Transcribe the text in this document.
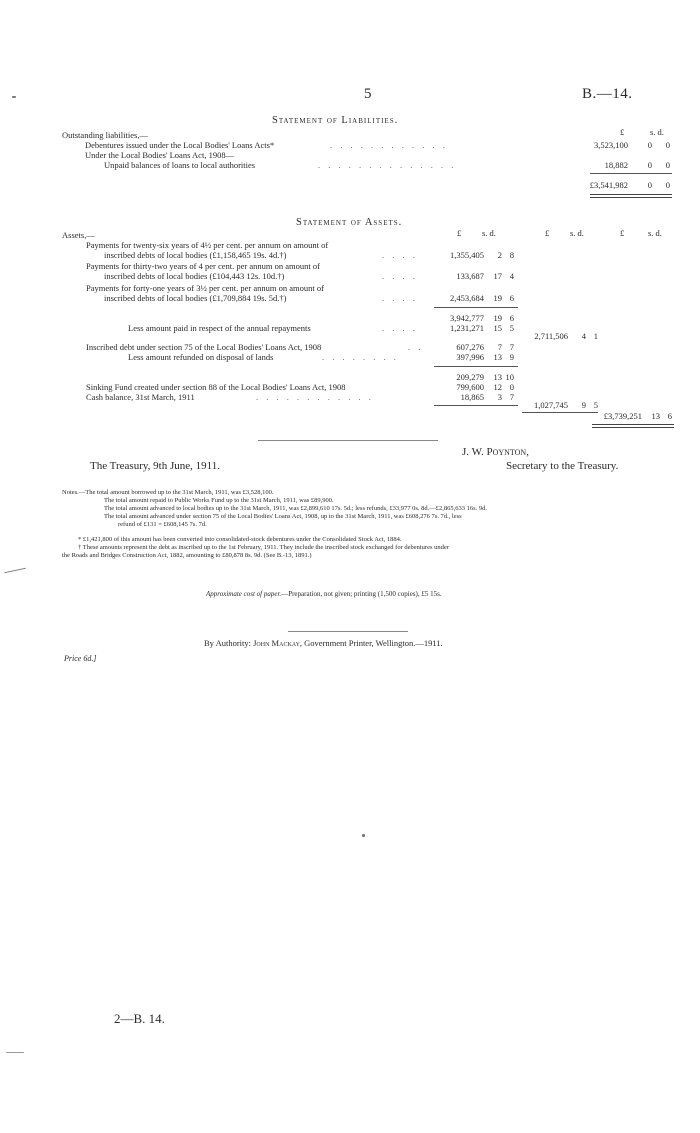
5	B.—14.
Statement of Liabilities.
£	s. d.
Outstanding liabilities,—
Debentures issued under the Local Bodies' Loans Acts*	. . . . . . . . . . . .	3,523,100	0	0
Under the Local Bodies' Loans Act, 1908—
Unpaid balances of loans to local authorities	. . . . . . . . . . . . . .	18,882	0	0
£3,541,982	0	0
Statement of Assets.
£ s. d.	£ s. d.	£	s. d.
Assets,—
Payments for twenty-six years of 4½ per cent. per annum on amount of
inscribed debts of local bodies (£1,158,465 19s. 4d.†)	. . . .	1,355,405	2 8
Payments for thirty-two years of 4 per cent. per annum on amount of
inscribed debts of local bodies (£104,443 12s. 10d.†)	. . . .	133,687	17 4
Payments for forty-one years of 3½ per cent. per annum on amount of
inscribed debts of local bodies (£1,709,884 19s. 5d.†)	. . . .	2,453,684	19 6
3,942,777	19 6
Less amount paid in respect of the annual repayments	. . . .	1,231,271	15 5
2,711,506	4 1
Inscribed debt under section 75 of the Local Bodies' Loans Act, 1908	. .	607,276	7 7
Less amount refunded on disposal of lands	. . . . . . . .	397,996	13 9
209,279	13 10
Sinking Fund created under section 88 of the Local Bodies' Loans Act, 1908	799,600	12 0
Cash balance, 31st March, 1911	. . . . . . . . . . . .	18,865	3 7
1,027,745	9 5
£3,739,251	13 6
The Treasury, 9th June, 1911.
J. W. Poynton,
Secretary to the Treasury.
Notes.—The total amount borrowed up to the 31st March, 1911, was £3,528,100.
The total amount repaid to Public Works Fund up to the 31st March, 1911, was £89,900.
The total amount advanced to local bodies up to the 31st March, 1911, was £2,899,610 17s. 5d.; less refunds, £33,977 0s. 8d.—£2,865,633 16s. 9d.
The total amount advanced under section 75 of the Local Bodies' Loans Act, 1908, up to the 31st March, 1911, was £608,276 7s. 7d., less
refund of £131 = £608,145 7s. 7d.
* £1,421,800 of this amount has been converted into consolidated-stock debentures under the Consolidated Stock Act, 1884.
† These amounts represent the debt as inscribed up to the 1st February, 1911. They include the inscribed stock exchanged for debentures under
the Roads and Bridges Construction Act, 1882, amounting to £80,878 8s. 9d. (See B.-13, 1891.)
Approximate cost of paper.—Preparation, not given; printing (1,500 copies), £5 15s.
By Authority: John Mackay, Government Printer, Wellington.—1911.
Price 6d.]
2—B. 14.
